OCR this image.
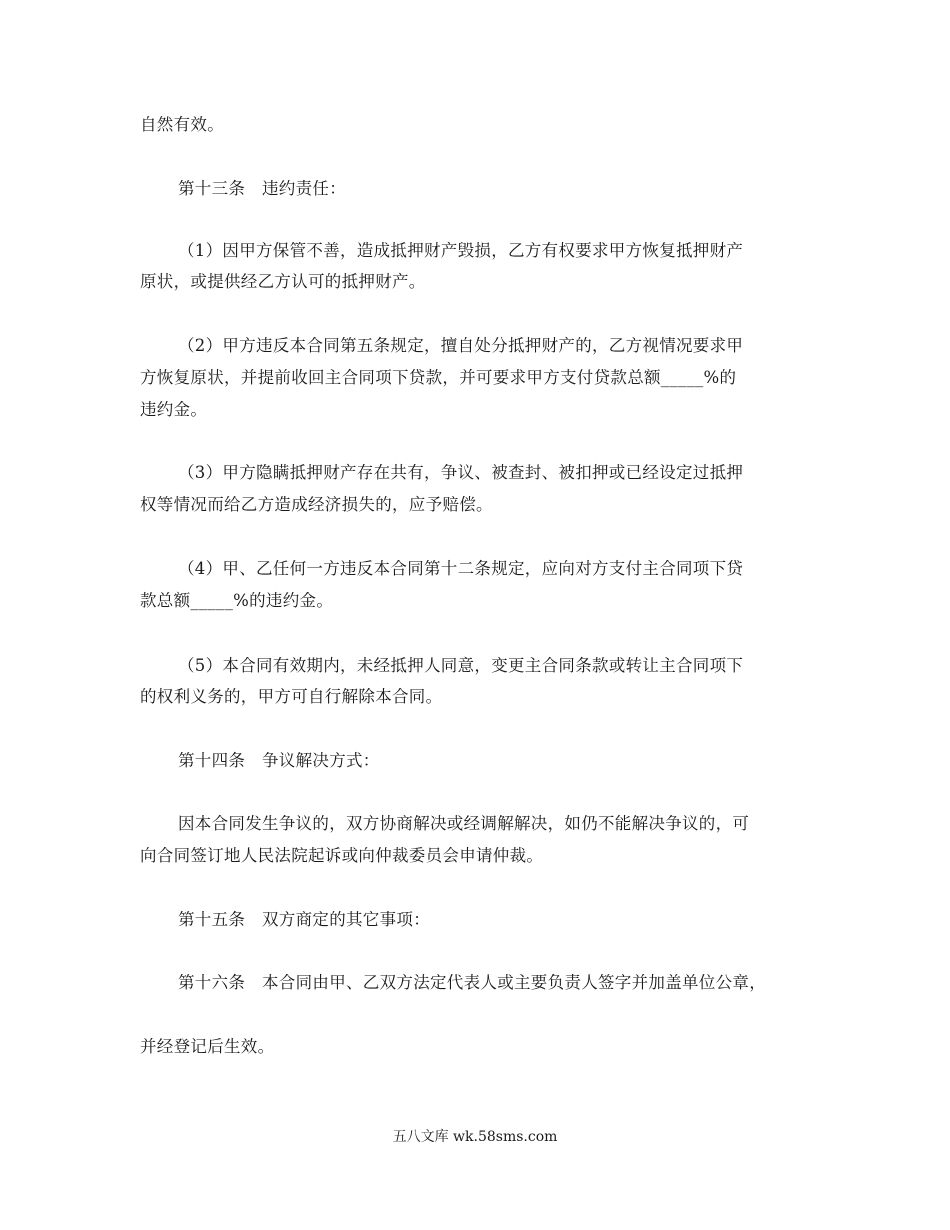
自然有效。
第十三条　违约责任：
（1）因甲方保管不善，造成抵押财产毁损，乙方有权要求甲方恢复抵押财产
原状，或提供经乙方认可的抵押财产。
（2）甲方违反本合同第五条规定，擅自处分抵押财产的，乙方视情况要求甲
方恢复原状，并提前收回主合同项下贷款，并可要求甲方支付贷款总额_____%的
违约金。
（3）甲方隐瞒抵押财产存在共有，争议、被查封、被扣押或已经设定过抵押
权等情况而给乙方造成经济损失的，应予赔偿。
（4）甲、乙任何一方违反本合同第十二条规定，应向对方支付主合同项下贷
款总额_____%的违约金。
（5）本合同有效期内，未经抵押人同意，变更主合同条款或转让主合同项下
的权利义务的，甲方可自行解除本合同。
第十四条　争议解决方式：
因本合同发生争议的，双方协商解决或经调解解决，如仍不能解决争议的，可
向合同签订地人民法院起诉或向仲裁委员会申请仲裁。
第十五条　双方商定的其它事项：
第十六条　本合同由甲、乙双方法定代表人或主要负责人签字并加盖单位公章，
并经登记后生效。
五八文库 wk.58sms.com
